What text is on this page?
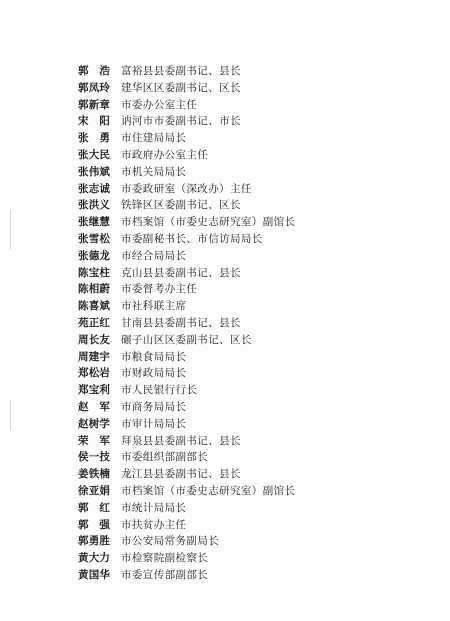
郭　浩	富裕县县委副书记、县长
郭凤玲	建华区区委副书记、区长
郭新章	市委办公室主任
宋　阳	讷河市市委副书记、市长
张　勇	市住建局局长
张大民	市政府办公室主任
张伟斌	市机关局局长
张志诚	市委政研室（深改办）主任
张洪义	铁锋区区委副书记、区长
张继慧	市档案馆（市委史志研究室）副馆长
张雪松	市委副秘书长、市信访局局长
张德龙	市经合局局长
陈宝柱	克山县县委副书记、县长
陈相蔚	市委督考办主任
陈喜斌	市社科联主席
苑正红	甘南县县委副书记、县长
周长友	碾子山区区委副书记、区长
周建宇	市粮食局局长
郑松岩	市财政局局长
郑宝利	市人民银行行长
赵　军	市商务局局长
赵树学	市审计局局长
荣　军	拜泉县县委副书记、县长
侯一技	市委组织部副部长
姜铁楠	龙江县县委副书记、县长
徐亚娟	市档案馆（市委史志研究室）副馆长
郭　红	市统计局局长
郭　强	市扶贫办主任
郭勇胜	市公安局常务副局长
黄大力	市检察院副检察长
黄国华	市委宣传部副部长
